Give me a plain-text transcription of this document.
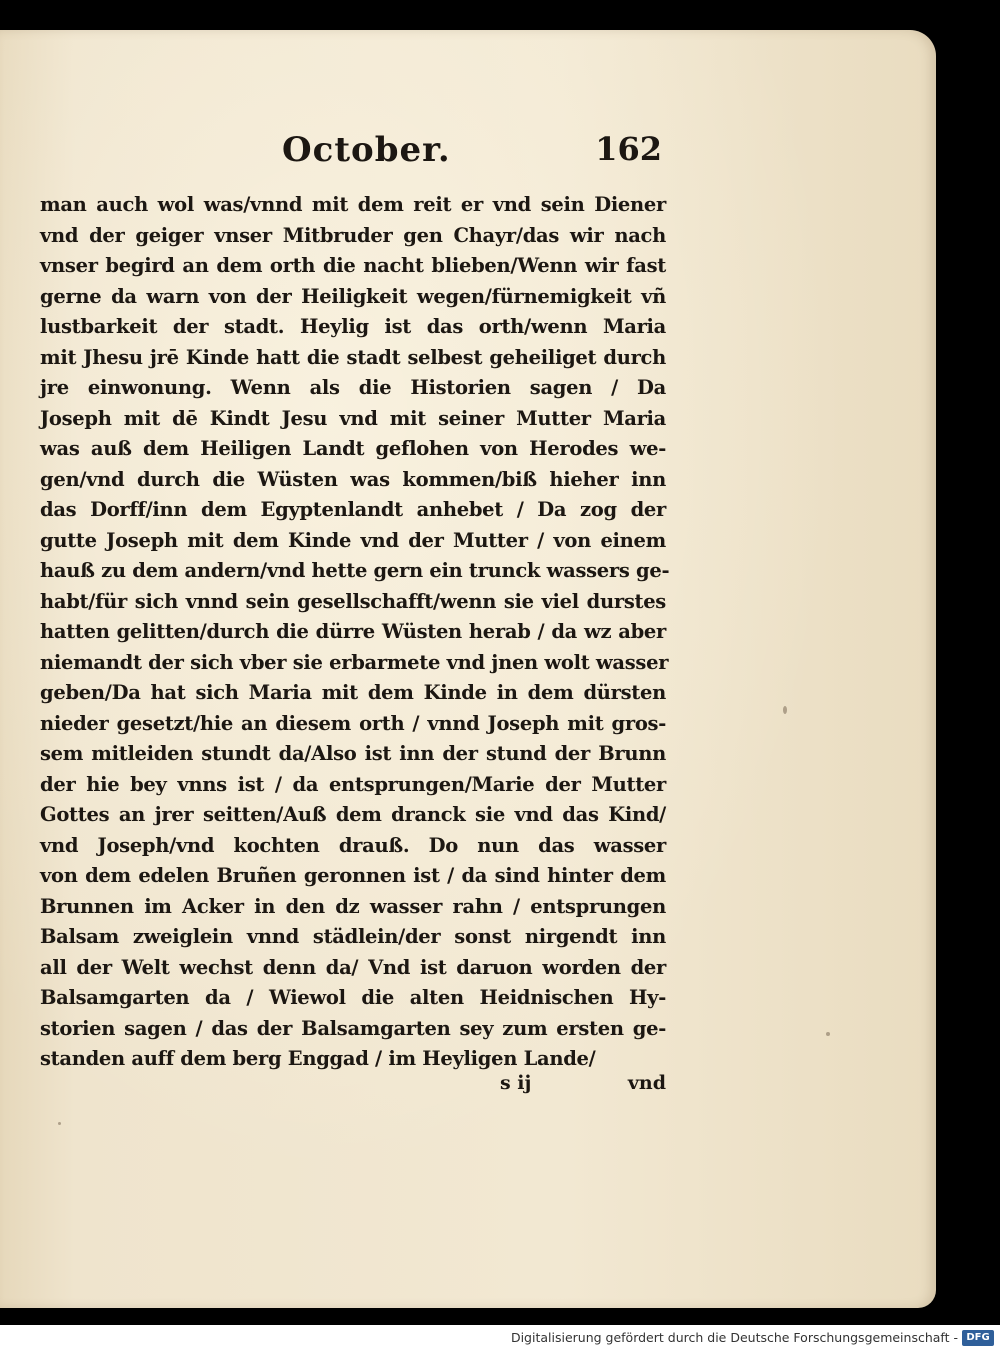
October.	162
man auch wol was/vnnd mit dem reit er vnd sein Diener
vnd der geiger vnser Mitbruder gen Chayr/das wir nach
vnser begird an dem orth die nacht blieben/Wenn wir fast
gerne da warn von der Heiligkeit wegen/fürnemigkeit vñ
lustbarkeit der stadt. Heylig ist das orth/wenn Maria
mit Jhesu jrē Kinde hatt die stadt selbest geheiliget durch
jre einwonung. Wenn als die Historien sagen / Da
Joseph mit dē Kindt Jesu vnd mit seiner Mutter Maria
was auß dem Heiligen Landt geflohen von Herodes we-
gen/vnd durch die Wüsten was kommen/biß hieher inn
das Dorff/inn dem Egyptenlandt anhebet / Da zog der
gutte Joseph mit dem Kinde vnd der Mutter / von einem
hauß zu dem andern/vnd hette gern ein trunck wassers ge-
habt/für sich vnnd sein gesellschafft/wenn sie viel durstes
hatten gelitten/durch die dürre Wüsten herab / da wz aber
niemandt der sich vber sie erbarmete vnd jnen wolt wasser
geben/Da hat sich Maria mit dem Kinde in dem dürsten
nieder gesetzt/hie an diesem orth / vnnd Joseph mit gros-
sem mitleiden stundt da/Also ist inn der stund der Brunn
der hie bey vnns ist / da entsprungen/Marie der Mutter
Gottes an jrer seitten/Auß dem dranck sie vnd das Kind/
vnd Joseph/vnd kochten drauß. Do nun das wasser
von dem edelen Bruñen geronnen ist / da sind hinter dem
Brunnen im Acker in den dz wasser rahn / entsprungen
Balsam zweiglein vnnd städlein/der sonst nirgendt inn
all der Welt wechst denn da/ Vnd ist daruon worden der
Balsamgarten da / Wiewol die alten Heidnischen Hy-
storien sagen / das der Balsamgarten sey zum ersten ge-
standen auff dem berg Enggad / im Heyligen Lande/
s ij	vnd
Digitalisierung gefördert durch die Deutsche Forschungsgemeinschaft - DFG
